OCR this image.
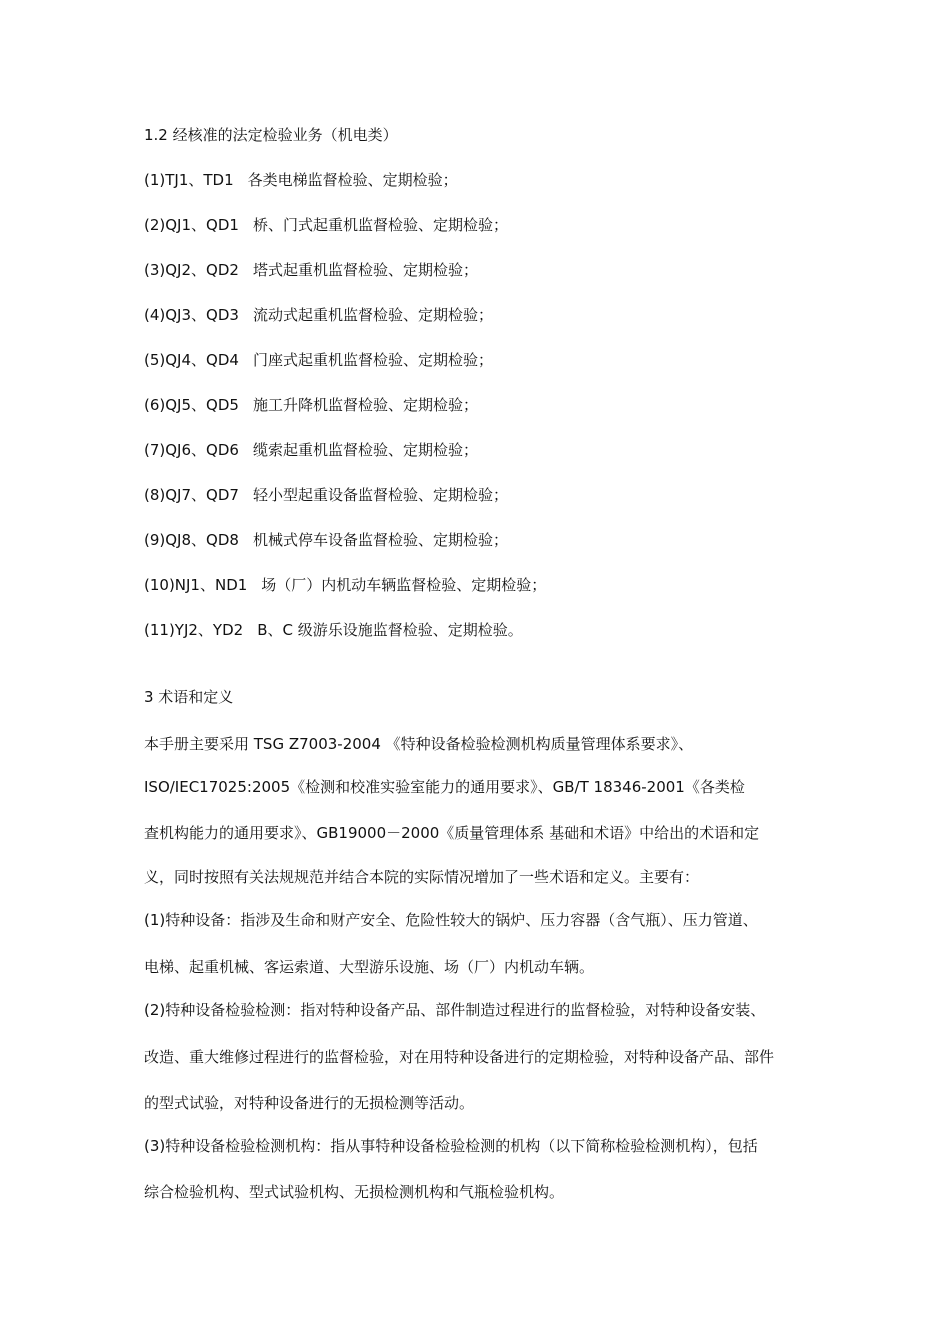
1.2 经核准的法定检验业务（机电类）
(1)TJ1、TD1 各类电梯监督检验、定期检验；
(2)QJ1、QD1 桥、门式起重机监督检验、定期检验；
(3)QJ2、QD2 塔式起重机监督检验、定期检验；
(4)QJ3、QD3 流动式起重机监督检验、定期检验；
(5)QJ4、QD4 门座式起重机监督检验、定期检验；
(6)QJ5、QD5 施工升降机监督检验、定期检验；
(7)QJ6、QD6 缆索起重机监督检验、定期检验；
(8)QJ7、QD7 轻小型起重设备监督检验、定期检验；
(9)QJ8、QD8 机械式停车设备监督检验、定期检验；
(10)NJ1、ND1 场（厂）内机动车辆监督检验、定期检验；
(11)YJ2、YD2 B、C 级游乐设施监督检验、定期检验。
3 术语和定义
本手册主要采用 TSG Z7003-2004 《特种设备检验检测机构质量管理体系要求》、
ISO/IEC17025:2005《检测和校准实验室能力的通用要求》、GB/T 18346-2001《各类检
查机构能力的通用要求》、GB19000－2000《质量管理体系 基础和术语》中给出的术语和定
义，同时按照有关法规规范并结合本院的实际情况增加了一些术语和定义。主要有：
(1)特种设备：指涉及生命和财产安全、危险性较大的锅炉、压力容器（含气瓶）、压力管道、
电梯、起重机械、客运索道、大型游乐设施、场（厂）内机动车辆。
(2)特种设备检验检测：指对特种设备产品、部件制造过程进行的监督检验，对特种设备安装、
改造、重大维修过程进行的监督检验，对在用特种设备进行的定期检验，对特种设备产品、部件
的型式试验，对特种设备进行的无损检测等活动。
(3)特种设备检验检测机构：指从事特种设备检验检测的机构（以下简称检验检测机构），包括
综合检验机构、型式试验机构、无损检测机构和气瓶检验机构。
